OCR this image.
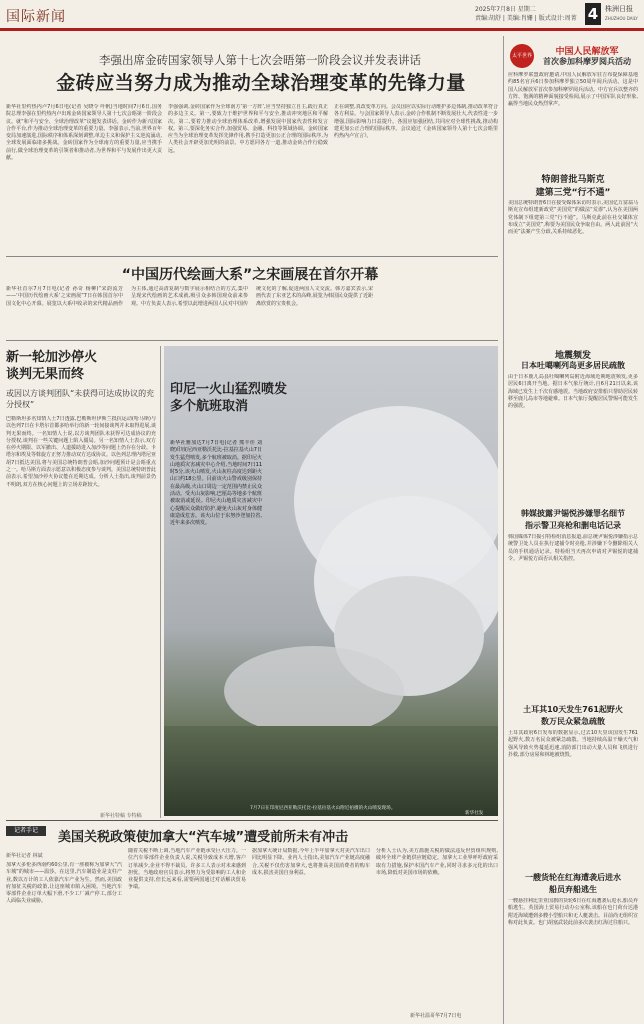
国际新闻	2025年7月8日 星期二
责编:胡舒 | 美编:肖姗 | 版式设计:周菁 4 株洲日报
ZHUZHOU DAILY
李强出席金砖国家领导人第十七次会晤第一阶段会议并发表讲话
金砖应当努力成为推动全球治理变革的先锋力量
新华社里约热内卢7月6日电(记者 吴晓令 叶帆)当地时间7月6日,国务院总理李强在里约热内卢出席金砖国家领导人第十七次会晤第一阶段会议。就“和平与安全、全球治理改革”议题发表讲话。金砖作为新兴国家合作平台,作为推动全球治理变革的重要力量。李强表示,当前,世界百年变局加速演进,国际秩序和体系深刻调整,单边主义和保护主义逆流涌动,全球发展面临诸多挑战。金砖国家作为全球南方的重要力量,应当携手前行,做全球治理变革的引领者和推动者,为世界和平与发展作出更大贡献。
李强强调,金砖国家作为全球南方‘第一方阵’,应当坚持独立自主,践行真正的多边主义。第一,要致力于维护世界和平与安全,推动冲突地区和平解决。第二,要着力推动全球治理体系改革,增强发展中国家代表性和发言权。第三,要深化务实合作,加强贸易、金融、科技等领域协调。金砖国家应当为全球治理变革发挥先锋作用,携手打造更加公正合理的国际秩序,为人类社会开辟更加光明的前景。中方愿同各方一道,推动金砖合作行稳致远。
正在调整,真改变革方向。会员国应以实际行动维护多边体制,推动改革符合各方利益。与会国家领导人表示,金砖合作机制不断发展壮大,代表性进一步增强,国际影响力日益提升。各国应加强团结,共同应对全球性挑战,推动构建更加公正合理的国际秩序。会议通过《金砖国家领导人第十七次会晤里约热内卢宣言》。
“中国历代绘画大系”之宋画展在首尔开幕
新华社首尔7月7日电(记者 孙奇 杨柳)“宋韵流芳——‘中国历代绘画大系’之宋画展”7日在韩国首尔中国文化中心开幕。展览以大系中收录的宋代精品画作为主体,通过高清复制与数字展示相结合的方式,集中呈现宋代绘画的艺术成就,吸引众多韩国观众前来参观。中方负责人表示,希望以此增进两国人民对中国传统文化的了解,促进两国人文交流。韩方嘉宾表示,宋画代表了东亚艺术的高峰,展览为韩国民众提供了近距离欣赏的宝贵机会。
新一轮加沙停火
谈判无果而终
或因以方谈判团队“未获得可达成协议的充分授权”
巴勒斯坦多名知情人士7日透露,巴勒斯坦伊斯兰抵抗运动(哈马斯)与以色列7日在卡塔尔首都多哈举行的新一轮间接谈判并未取得进展,谈判无果而终。一名知情人士说,以方谈判团队未获得可达成协议的充分授权,谈判在一些关键问题上陷入僵局。另一名知情人士表示,双方在停火期限、以军撤出、人道援助进入加沙等问题上仍存在分歧。卡塔尔和埃及等斡旋方正努力推动双方达成协议。以色列总理内塔尼亚胡7日抵达美国,将与美国总统特朗普会晤,加沙问题预计是会晤重点之一。哈马斯方面表示愿意以积极态度参与谈判。美国总统特朗普此前表示,希望加沙停火协议能在近期达成。分析人士指出,谈判前景仍不明朗,双方在核心问题上的立场差距较大。
新华社特稿 专特稿
印尼一火山猛烈喷发
多个航班取消
新华社雅加达7月7日电(记者 熊丰佳 刘晓)印度尼西亚勒沃托比-拉基拉基火山7日发生猛烈喷发,多个航班被取消。据印尼火山地质灾害减灾中心介绍,当地时间7日11时5分,该火山喷发,火山灰柱高度达到距火山口约18公里。目前该火山警戒级别保持在最高级,火山口周边一定范围内禁止民众活动。受火山灰影响,巴厘岛等地多个航班被取消或延误。印尼火山地质灾害减灾中心提醒民众做好防护,避免火山灰对身体健康造成危害。该火山位于东努沙登加拉省,近年来多次喷发。
7月7日在印度尼西亚勒沃托比-拉基拉基火山附近拍摄的火山喷发现场。
新华社发
记者手记	美国关税政策使加拿大“汽车城”遭受前所未有冲击
新华社记者 林斌
加拿大多伦多西南约60公里,有一座被称为加拿大“汽车城”的城市——温莎。在这里,汽车制造业是支柱产业,数以万计的工人依靠汽车产业为生。然而,美国政府加征关税的政策,让这座城市陷入困境。当地汽车零部件企业订单大幅下滑,不少工厂减产停工,部分工人面临失业威胁。
随着关税不断上调,当地汽车产业链承受巨大压力。一位汽车零部件企业负责人说,关税导致成本大增,客户订单减少,企业不得不裁员。许多工人表示对未来感到担忧。当地政府官员表示,将努力为受影响的工人和企业提供支持,但长远来看,需要两国通过对话解决贸易争端。
据加拿大统计局数据,今年上半年加拿大对美汽车出口同比明显下降。业内人士指出,美加汽车产业链高度融合,关税不仅伤害加拿大,也将推高美国消费者的购车成本,损害美国自身利益。
分析人士认为,美方滥施关税的做法违反世贸组织规则,破坏全球产业链供应链稳定。加拿大工业界呼吁政府采取有力措施,保护本国汽车产业,同时寻求多元化的出口市场,降低对美国市场的依赖。
新华社温哥华7月7日电
太平世界	中国人民解放军
首次参加科摩罗阅兵活动
应科摩罗联盟政府邀请,中国人民解放军驻吉布提保障基地约85名官兵6日参加科摩罗独立50周年阅兵活动。这是中国人民解放军首次参加科摩罗阅兵活动。中方官兵以整齐的方阵、饱满的精神面貌接受检阅,展示了中国军队良好形象,赢得当地民众热烈掌声。
特朗普批马斯克
建第三党“行不通”
美国总统特朗普6日在接受媒体采访时表示,美国亿万富翁马斯克宣布组建新政党“美国党”的做法“荒谬”,认为在美国两党体制下组建第三党“行不通”。马斯克此前在社交媒体宣布成立“美国党”,称要为美国民众争取自由。两人此前因“大而美”法案产生分歧,关系持续恶化。
地震频发
日本吐噶喇列岛更多居民疏散
由于日本鹿儿岛县吐噶喇列岛附近海域近期地震频发,更多居民6日离开当地。据日本气象厅统计,自6月21日以来,该海域已发生上千次有感地震。当地政府安排船只帮助居民转移至鹿儿岛市等地避难。日本气象厅提醒居民警惕可能发生的强震。
韩媒披露尹锡悦涉嫌罪名细节
指示警卫亮枪和删电话记录
韩国媒体7日援引特检组消息报道,前总统尹锡悦涉嫌指示总统警卫处人员在执行逮捕令时亮枪,并涉嫌下令删除相关人员的手机通话记录。特检组当天再次申请对尹锡悦的逮捕令。尹锡悦方面否认相关指控。
土耳其10天发生761起野火
数万民众紧急疏散
土耳其政府6日发布的数据显示,过去10天里该国发生761起野火,数万名民众被紧急疏散。当地持续高温干燥天气和强风导致火势蔓延迅速,消防部门出动大量人员和飞机进行扑救,部分房屋和林地被烧毁。
一艘货轮在红海遭袭后进水
船员弃船逃生
一艘悬挂利比里亚国旗的货轮6日在红海遭袭后进水,船员弃船逃生。英国海上贸易行动办公室称,该船在也门荷台达港附近海域遭到多艘小型船只和无人艇袭击。目前尚无组织宣称对此负责。也门胡塞武装此前多次袭击红海过往船只。
